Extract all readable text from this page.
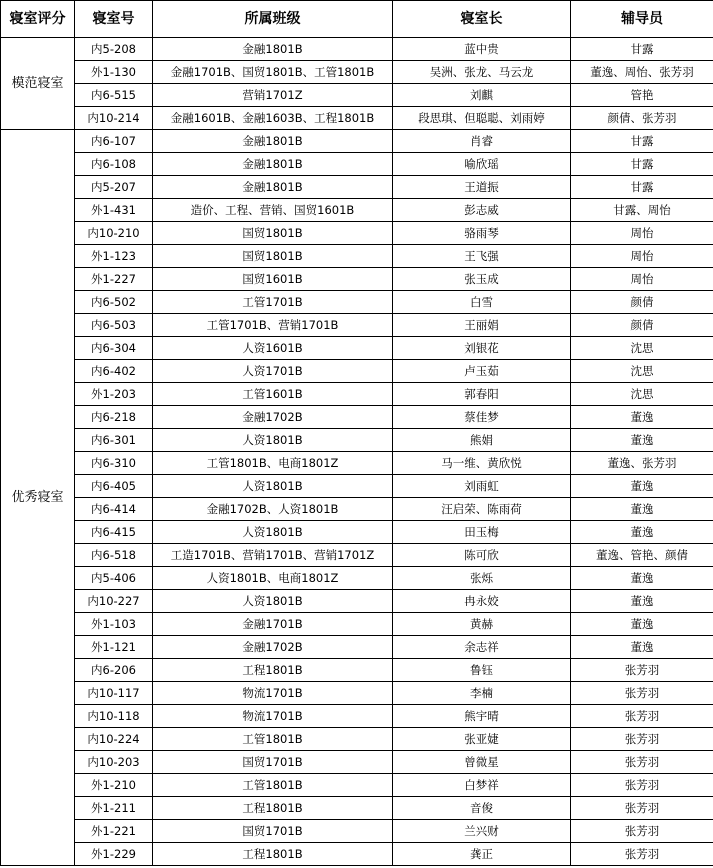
寝室评分	寝室号	所属班级	寝室长	辅导员
模范寝室	内5-208	金融1801B	蓝中贵	甘露
	外1-130	金融1701B、国贸1801B、工管1801B	吴洲、张龙、马云龙	董逸、周怡、张芳羽
	内6-515	营销1701Z	刘麒	管艳
	内10-214	金融1601B、金融1603B、工程1801B	段思琪、但聪聪、刘雨婷	颜倩、张芳羽
优秀寝室	内6-107	金融1801B	肖睿	甘露
	内6-108	金融1801B	喻欣瑶	甘露
	内5-207	金融1801B	王道振	甘露
	外1-431	造价、工程、营销、国贸1601B	彭志威	甘露、周怡
	内10-210	国贸1801B	骆雨琴	周怡
	外1-123	国贸1801B	王飞强	周怡
	外1-227	国贸1601B	张玉成	周怡
	内6-502	工管1701B	白雪	颜倩
	内6-503	工管1701B、营销1701B	王丽娟	颜倩
	内6-304	人资1601B	刘银花	沈思
	内6-402	人资1701B	卢玉茹	沈思
	外1-203	工管1601B	郭春阳	沈思
	内6-218	金融1702B	蔡佳梦	董逸
	内6-301	人资1801B	熊娟	董逸
	内6-310	工管1801B、电商1801Z	马一维、黄欣悦	董逸、张芳羽
	内6-405	人资1801B	刘雨虹	董逸
	内6-414	金融1702B、人资1801B	汪启荣、陈雨荷	董逸
	内6-415	人资1801B	田玉梅	董逸
	内6-518	工造1701B、营销1701B、营销1701Z	陈可欣	董逸、管艳、颜倩
	内5-406	人资1801B、电商1801Z	张烁	董逸
	内10-227	人资1801B	冉永姣	董逸
	外1-103	金融1701B	黄赫	董逸
	外1-121	金融1702B	余志祥	董逸
	内6-206	工程1801B	鲁钰	张芳羽
	内10-117	物流1701B	李楠	张芳羽
	内10-118	物流1701B	熊宇晴	张芳羽
	内10-224	工管1801B	张亚婕	张芳羽
	内10-203	国贸1701B	曾微星	张芳羽
	外1-210	工管1801B	白梦祥	张芳羽
	外1-211	工程1801B	音俊	张芳羽
	外1-221	国贸1701B	兰兴财	张芳羽
	外1-229	工程1801B	龚正	张芳羽
